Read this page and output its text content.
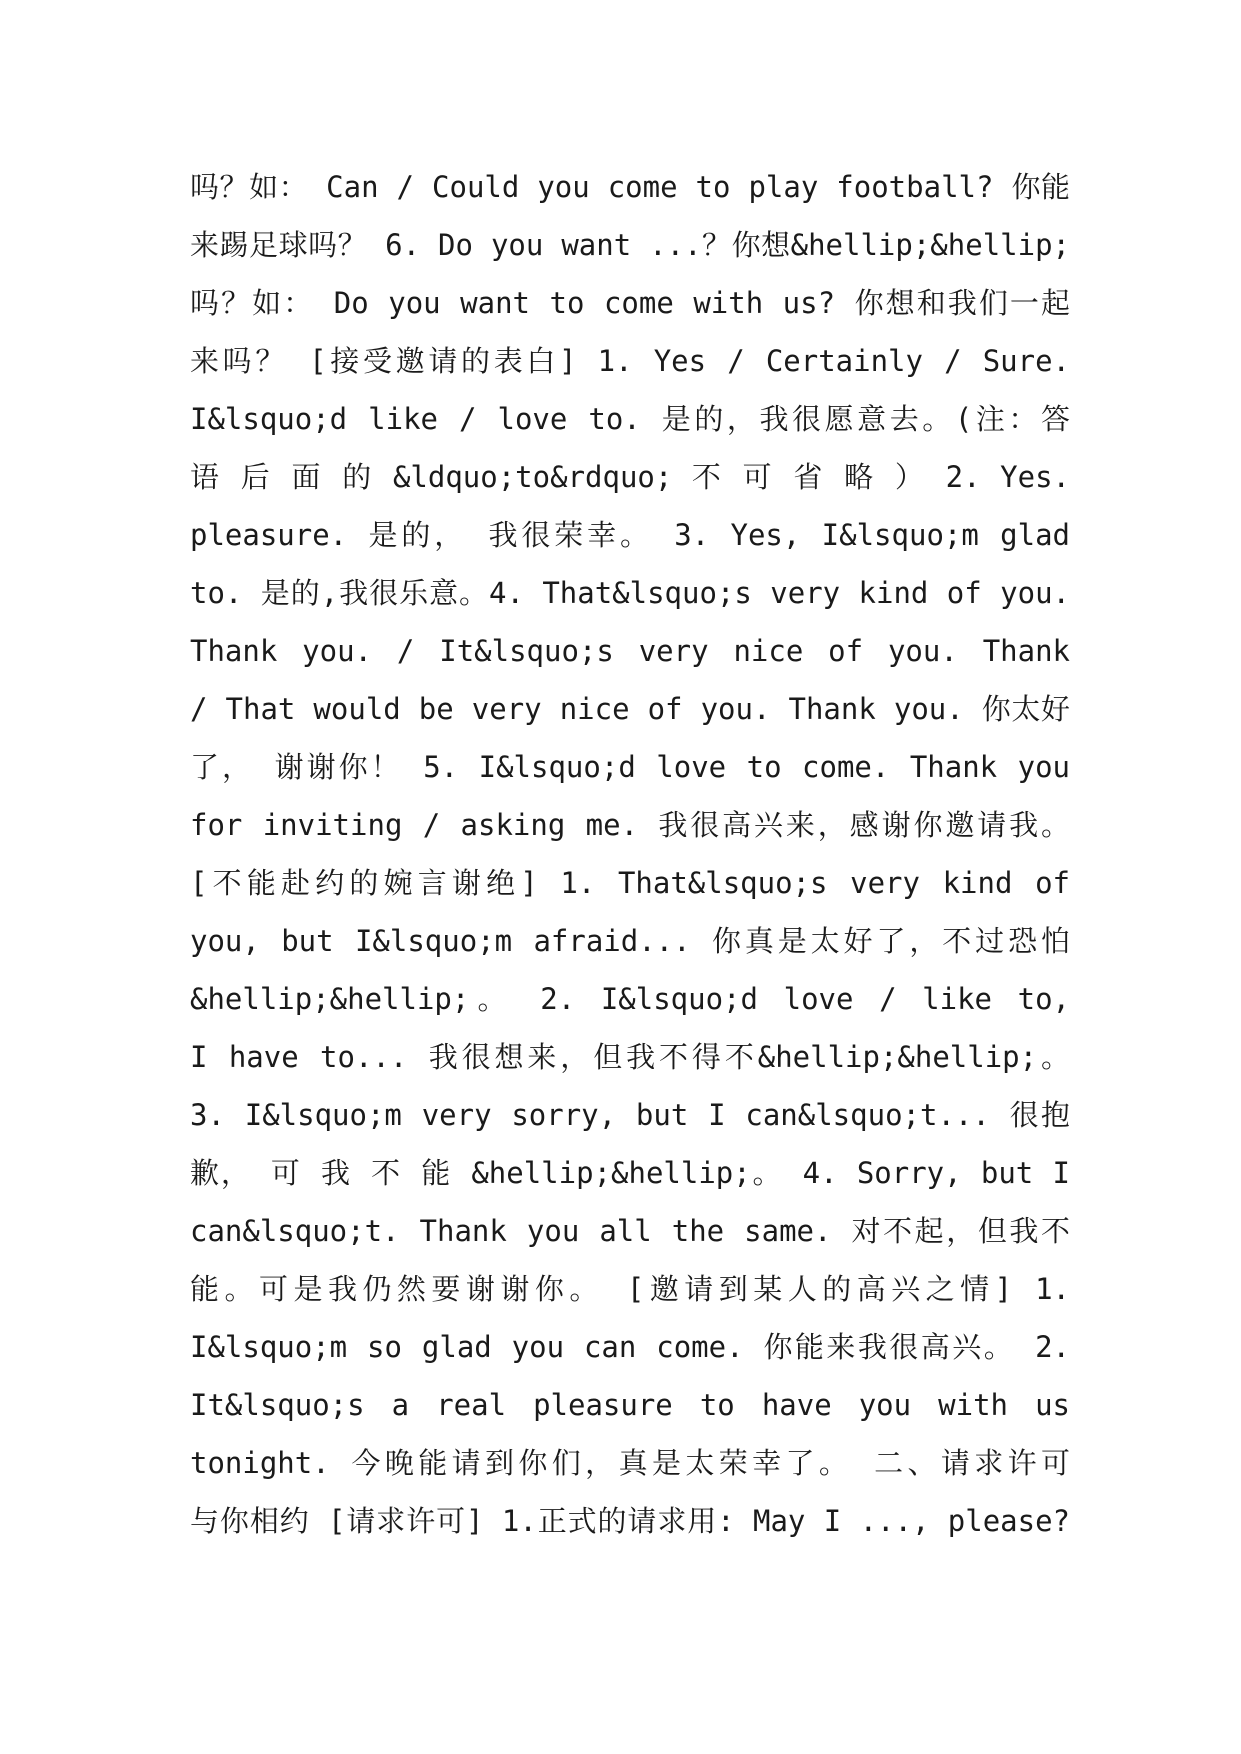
吗？如： Can / Could you come to play football? 你能
来踢足球吗？ 6. Do you want ...？你想&hellip;&hellip;
吗？如： Do you want to come with us? 你想和我们一起
来吗？ [接受邀请的表白] 1. Yes / Certainly / Sure.
I&lsquo;d like / love to. 是的，我很愿意去。(注：答
语 后 面 的 &ldquo;to&rdquo; 不 可 省 略 ） 2. Yes.
pleasure. 是的， 我很荣幸。 3. Yes, I&lsquo;m glad
to. 是的,我很乐意。4. That&lsquo;s very kind of you.
Thank you. / It&lsquo;s very nice of you. Thank
/ That would be very nice of you. Thank you. 你太好
了， 谢谢你！ 5. I&lsquo;d love to come. Thank you
for inviting / asking me. 我很高兴来，感谢你邀请我。
[不能赴约的婉言谢绝] 1. That&lsquo;s very kind of
you, but I&lsquo;m afraid... 你真是太好了，不过恐怕
&hellip;&hellip;。 2. I&lsquo;d love / like to,
I have to... 我很想来，但我不得不&hellip;&hellip;。
3. I&lsquo;m very sorry, but I can&lsquo;t... 很抱
歉， 可 我 不 能 &hellip;&hellip;。 4. Sorry, but I
can&lsquo;t. Thank you all the same. 对不起，但我不
能。可是我仍然要谢谢你。 [邀请到某人的高兴之情] 1.
I&lsquo;m so glad you can come. 你能来我很高兴。 2.
It&lsquo;s a real pleasure to have you with us
tonight. 今晚能请到你们，真是太荣幸了。 二、请求许可
与你相约 [请求许可] 1.正式的请求用: May I ..., please?
